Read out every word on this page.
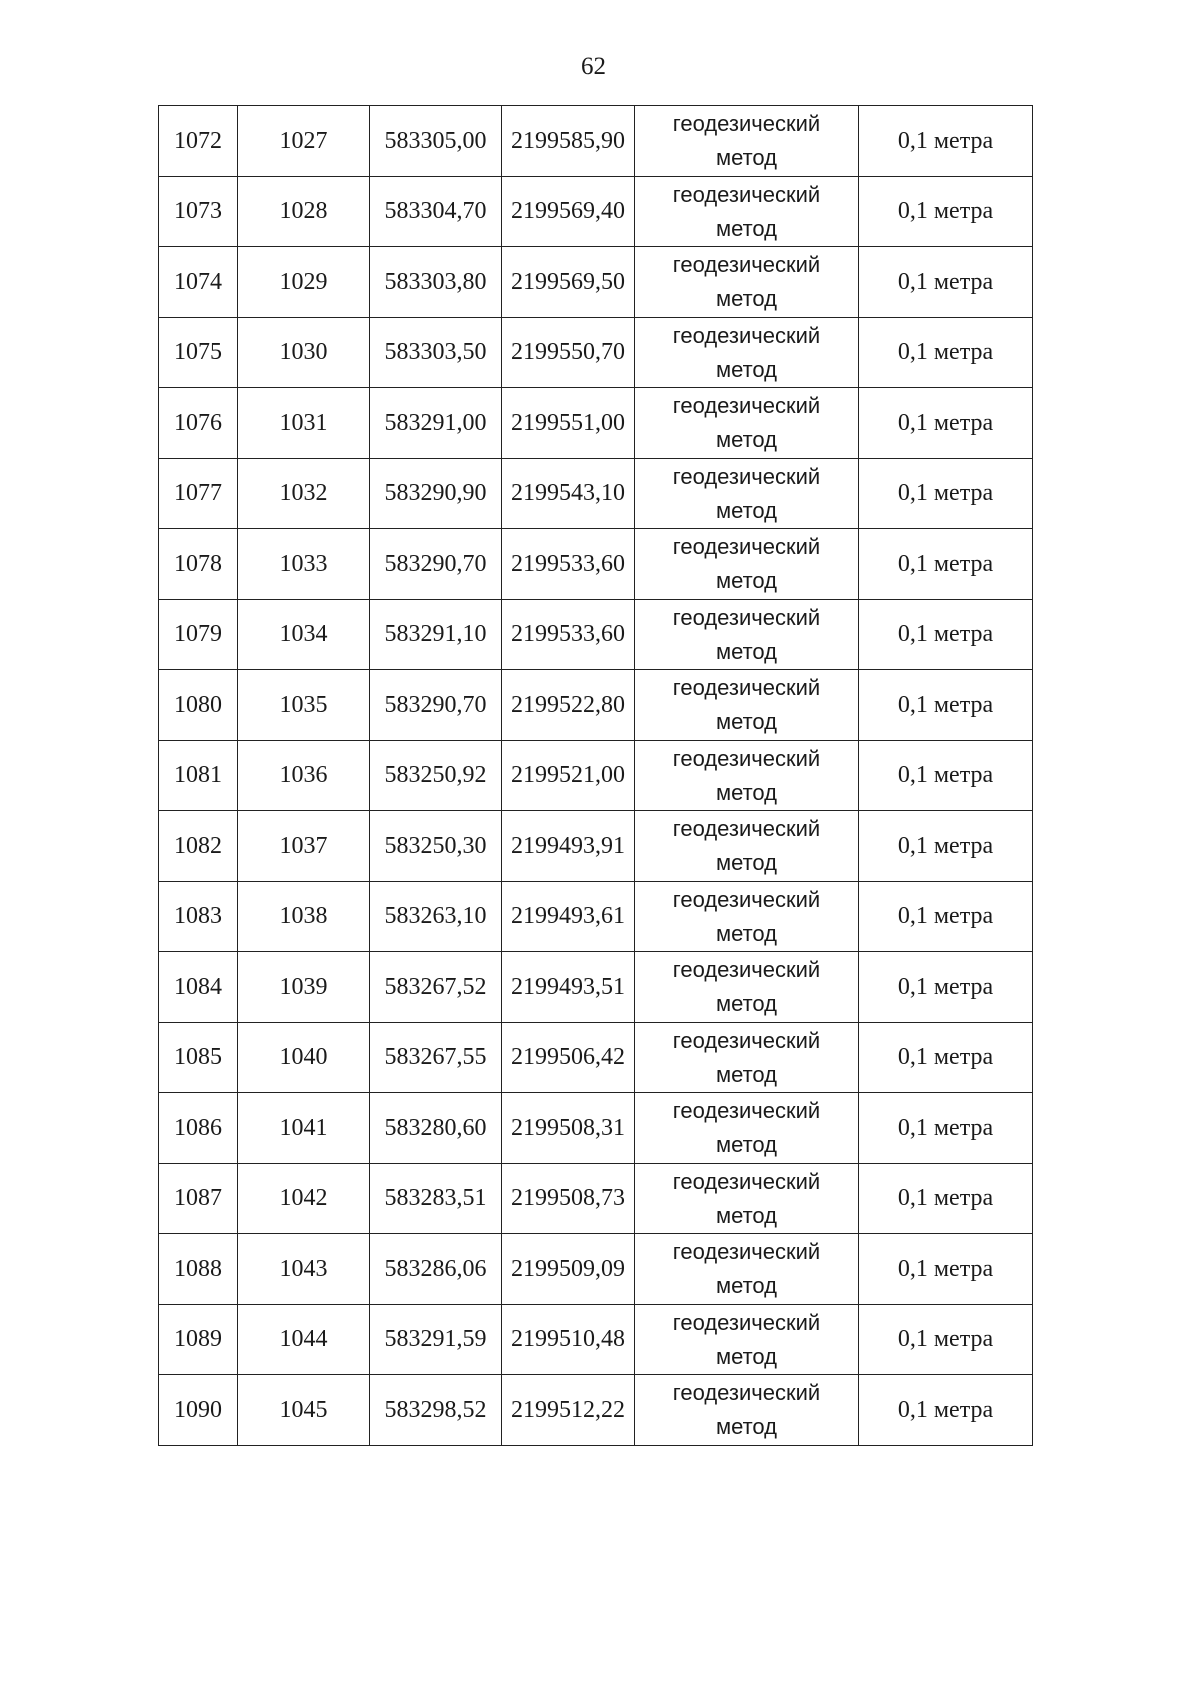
62
1072	1027	583305,00	2199585,90	геодезический
метод	0,1 метра
1073	1028	583304,70	2199569,40	геодезический
метод	0,1 метра
1074	1029	583303,80	2199569,50	геодезический
метод	0,1 метра
1075	1030	583303,50	2199550,70	геодезический
метод	0,1 метра
1076	1031	583291,00	2199551,00	геодезический
метод	0,1 метра
1077	1032	583290,90	2199543,10	геодезический
метод	0,1 метра
1078	1033	583290,70	2199533,60	геодезический
метод	0,1 метра
1079	1034	583291,10	2199533,60	геодезический
метод	0,1 метра
1080	1035	583290,70	2199522,80	геодезический
метод	0,1 метра
1081	1036	583250,92	2199521,00	геодезический
метод	0,1 метра
1082	1037	583250,30	2199493,91	геодезический
метод	0,1 метра
1083	1038	583263,10	2199493,61	геодезический
метод	0,1 метра
1084	1039	583267,52	2199493,51	геодезический
метод	0,1 метра
1085	1040	583267,55	2199506,42	геодезический
метод	0,1 метра
1086	1041	583280,60	2199508,31	геодезический
метод	0,1 метра
1087	1042	583283,51	2199508,73	геодезический
метод	0,1 метра
1088	1043	583286,06	2199509,09	геодезический
метод	0,1 метра
1089	1044	583291,59	2199510,48	геодезический
метод	0,1 метра
1090	1045	583298,52	2199512,22	геодезический
метод	0,1 метра
